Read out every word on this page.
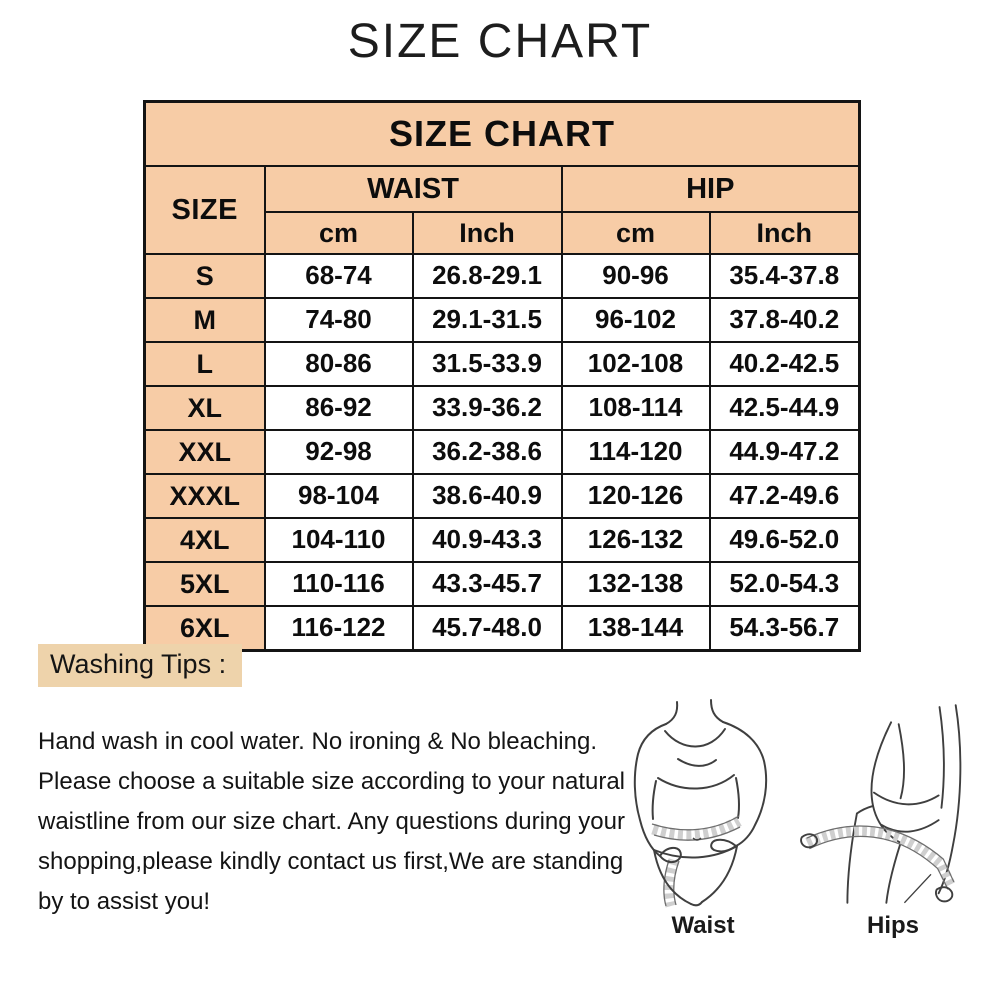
SIZE CHART
SIZE CHART				
SIZE	WAIST		HIP	
	cm	Inch	cm	Inch
S	68-74	26.8-29.1	90-96	35.4-37.8
M	74-80	29.1-31.5	96-102	37.8-40.2
L	80-86	31.5-33.9	102-108	40.2-42.5
XL	86-92	33.9-36.2	108-114	42.5-44.9
XXL	92-98	36.2-38.6	114-120	44.9-47.2
XXXL	98-104	38.6-40.9	120-126	47.2-49.6
4XL	104-110	40.9-43.3	126-132	49.6-52.0
5XL	110-116	43.3-45.7	132-138	52.0-54.3
6XL	116-122	45.7-48.0	138-144	54.3-56.7
Washing Tips :
Hand wash in cool water. No ironing & No bleaching.
Please choose a suitable size according to your natural
waistline from our size chart. Any questions during your
shopping,please kindly contact us first,We are standing
by to assist you!
Waist	Hips
